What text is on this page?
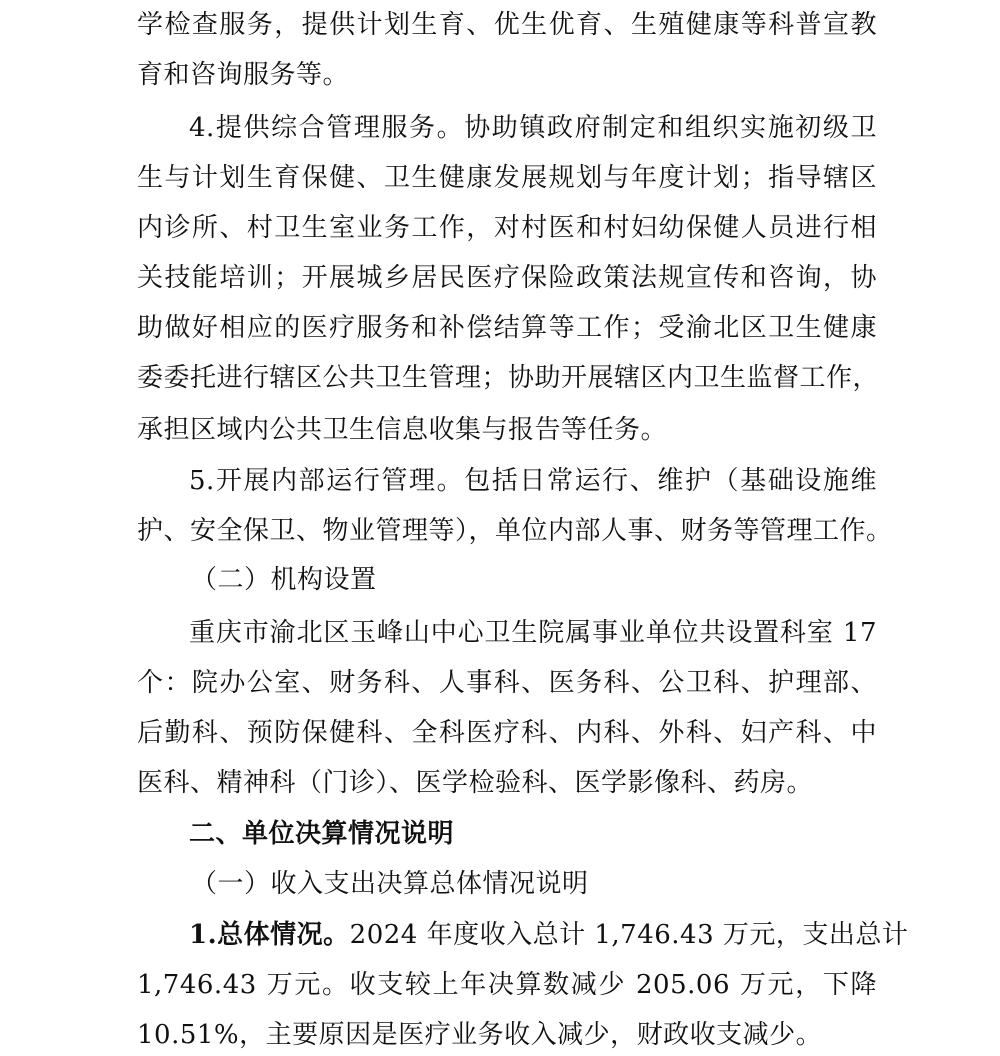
学检查服务，提供计划生育、优生优育、生殖健康等科普宣教
育和咨询服务等。
4.提供综合管理服务。协助镇政府制定和组织实施初级卫
生与计划生育保健、卫生健康发展规划与年度计划；指导辖区
内诊所、村卫生室业务工作，对村医和村妇幼保健人员进行相
关技能培训；开展城乡居民医疗保险政策法规宣传和咨询，协
助做好相应的医疗服务和补偿结算等工作；受渝北区卫生健康
委委托进行辖区公共卫生管理；协助开展辖区内卫生监督工作，
承担区域内公共卫生信息收集与报告等任务。
5.开展内部运行管理。包括日常运行、维护（基础设施维
护、安全保卫、物业管理等），单位内部人事、财务等管理工作。
（二）机构设置
重庆市渝北区玉峰山中心卫生院属事业单位共设置科室 17
个：院办公室、财务科、人事科、医务科、公卫科、护理部、
后勤科、预防保健科、全科医疗科、内科、外科、妇产科、中
医科、精神科（门诊）、医学检验科、医学影像科、药房。
二、单位决算情况说明
（一）收入支出决算总体情况说明
1.总体情况。2024 年度收入总计 1,746.43 万元，支出总计
1,746.43 万元。收支较上年决算数减少 205.06 万元，下降
10.51%，主要原因是医疗业务收入减少，财政收支减少。
